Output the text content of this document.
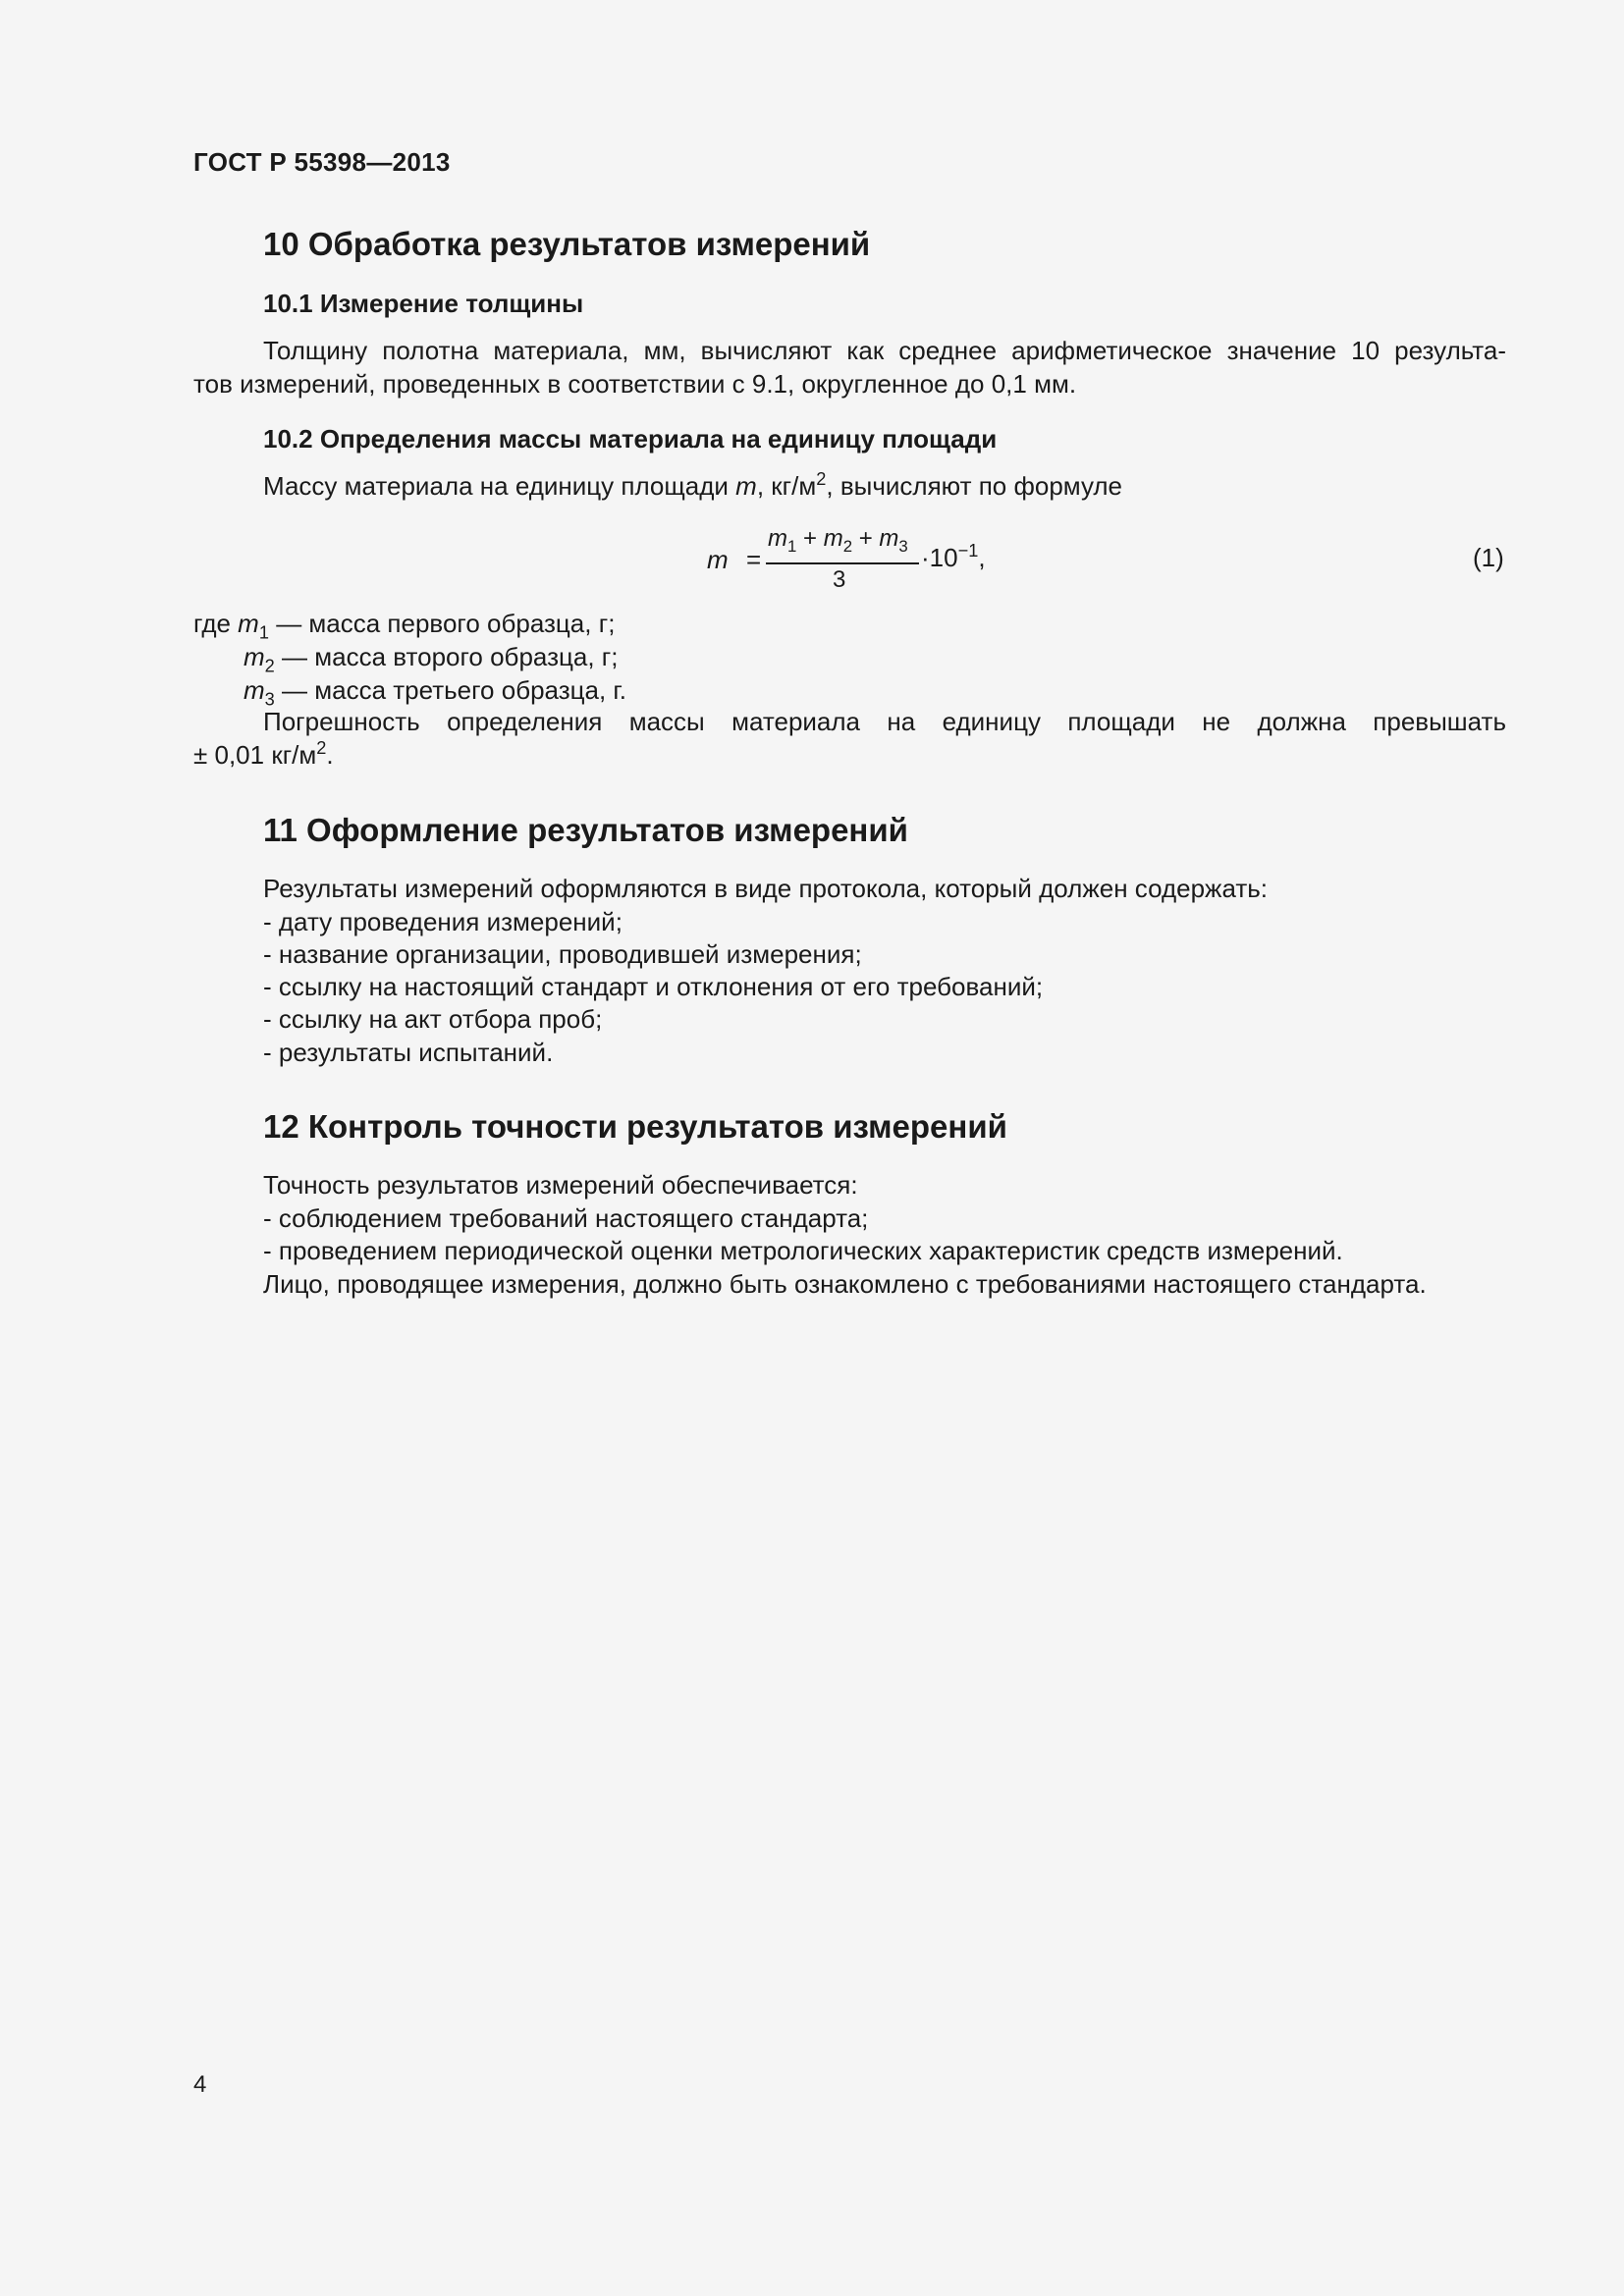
ГОСТ Р 55398—2013
10 Обработка результатов измерений
10.1 Измерение толщины
Толщину полотна материала, мм, вычисляют как среднее арифметическое значение 10 результа-
тов измерений, проведенных в соответствии с 9.1, округленное до 0,1 мм.
10.2 Определения массы материала на единицу площади
Массу материала на единицу площади m, $кг/м^2$, вычисляют по формуле
m =
$m_1 + m_2 + m_3$
3
$\cdot 10^{-1}$,	(1)
где $m_1$ — масса первого образца, г;
$m_2$ — масса второго образца, г;
$m_3$ — масса третьего образца, г.
Погрешность определения массы материала на единицу площади не должна превышать
± 0,01 $кг/м^2$.
11 Оформление результатов измерений
Результаты измерений оформляются в виде протокола, который должен содержать:
- дату проведения измерений;
- название организации, проводившей измерения;
- ссылку на настоящий стандарт и отклонения от его требований;
- ссылку на акт отбора проб;
- результаты испытаний.
12 Контроль точности результатов измерений
Точность результатов измерений обеспечивается:
- соблюдением требований настоящего стандарта;
- проведением периодической оценки метрологических характеристик средств измерений.
Лицо, проводящее измерения, должно быть ознакомлено с требованиями настоящего стандарта.
4
